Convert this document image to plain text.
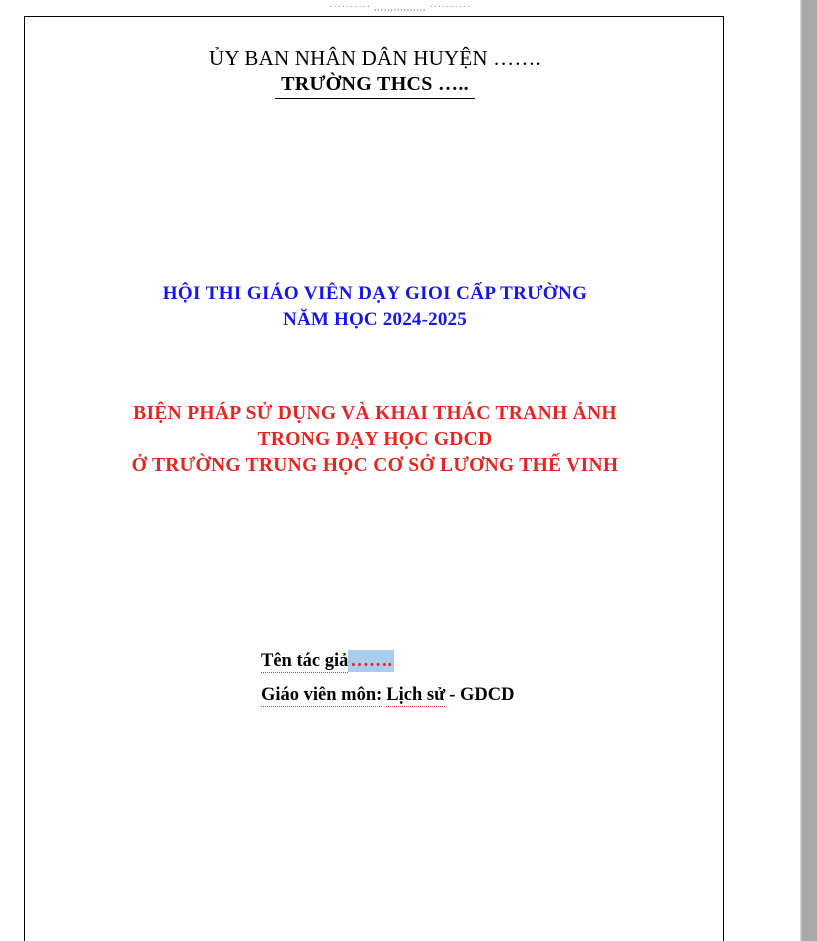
·········· ,,,,,,,,,,,,,,,, ··········
ỦY BAN NHÂN DÂN HUYỆN …….
TRƯỜNG THCS …..
HỘI THI GIÁO VIÊN DẠY GIOI CẤP TRƯỜNG
NĂM HỌC 2024-2025
BIỆN PHÁP SỬ DỤNG VÀ KHAI THÁC TRANH ẢNH
TRONG DẠY HỌC GDCD
Ở TRƯỜNG TRUNG HỌC CƠ SỞ LƯƠNG THẾ VINH
Tên tác giả …….
Giáo viên môn: Lịch sử - GDCD
